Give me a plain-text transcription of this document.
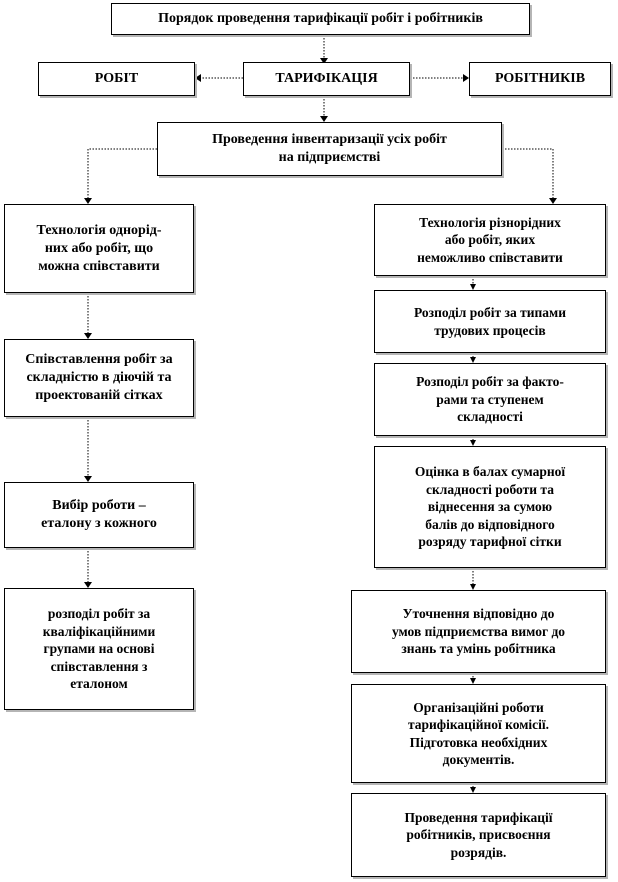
Порядок проведення тарифікації робіт і робітників
РОБІТ	ТАРИФІКАЦІЯ	РОБІТНИКІВ
Проведення інвентаризації усіх робіт
на підприємстві
Технологія однорід-
них або робіт, що
можна співставити
Співставлення робіт за
складністю в діючій та
проектованій сітках
Вибір роботи –
еталону з кожного
розподіл робіт за
кваліфікаційними
групами на основі
співставлення з
еталоном
Технологія різнорідних
або робіт, яких
неможливо співставити
Розподіл робіт за типами
трудових процесів
Розподіл робіт за факто-
рами та ступенем
складності
Оцінка в балах сумарної
складності роботи та
віднесення за сумою
балів до відповідного
розряду тарифної сітки
Уточнення відповідно до
умов підприємства вимог до
знань та умінь робітника
Організаційні роботи
тарифікаційної комісії.
Підготовка необхідних
документів.
Проведення тарифікації
робітників, присвоєння
розрядів.
